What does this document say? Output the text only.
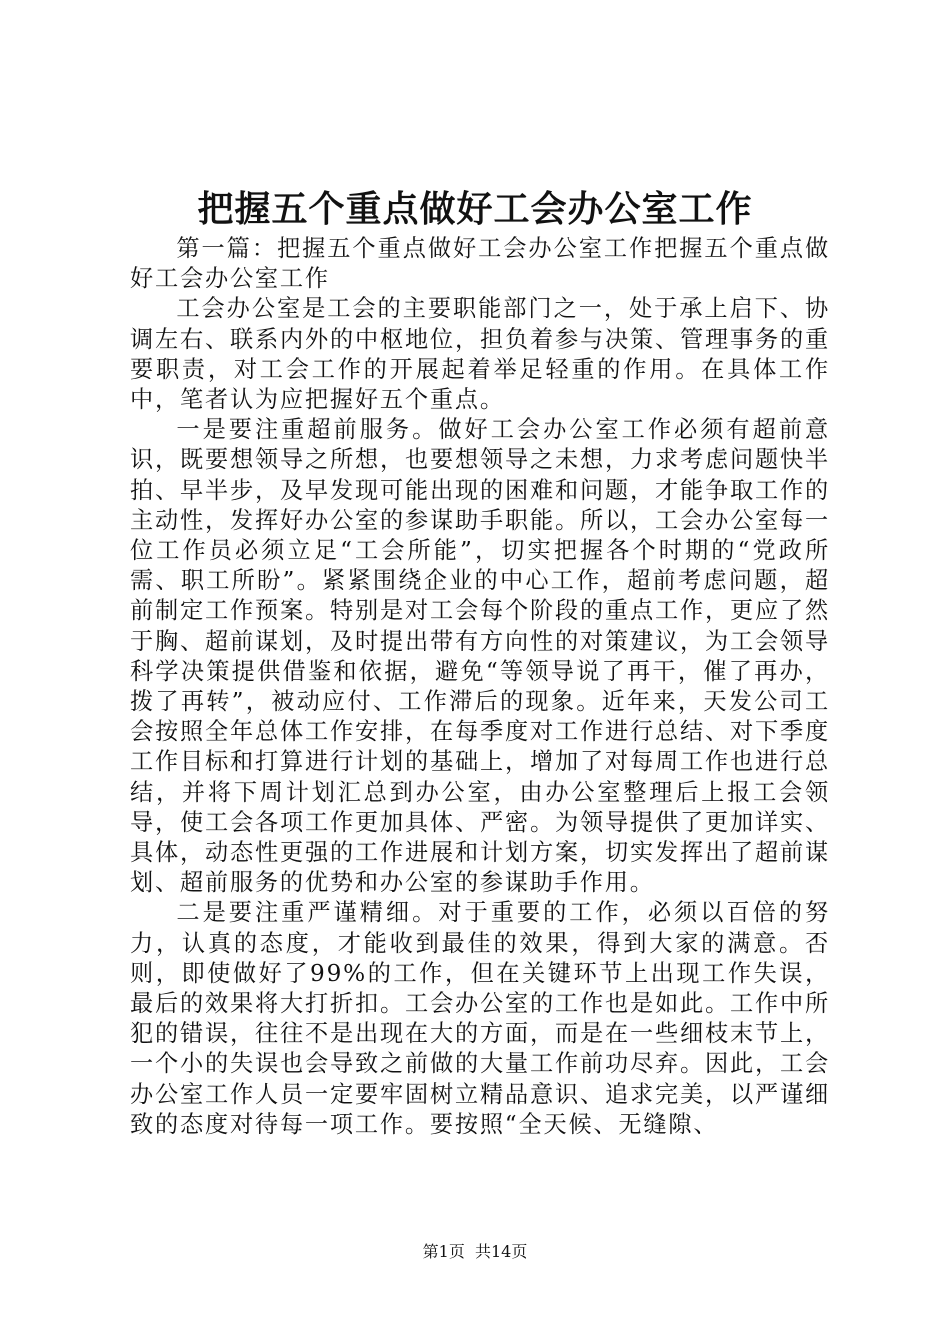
把握五个重点做好工会办公室工作

第一篇：把握五个重点做好工会办公室工作把握五个重点做好工会办公室工作

工会办公室是工会的主要职能部门之一，处于承上启下、协调左右、联系内外的中枢地位，担负着参与决策、管理事务的重要职责，对工会工作的开展起着举足轻重的作用。在具体工作中，笔者认为应把握好五个重点。

一是要注重超前服务。做好工会办公室工作必须有超前意识，既要想领导之所想，也要想领导之未想，力求考虑问题快半拍、早半步，及早发现可能出现的困难和问题，才能争取工作的主动性，发挥好办公室的参谋助手职能。所以，工会办公室每一位工作员必须立足“工会所能”，切实把握各个时期的“党政所需、职工所盼”。紧紧围绕企业的中心工作，超前考虑问题，超前制定工作预案。特别是对工会每个阶段的重点工作，更应了然于胸、超前谋划，及时提出带有方向性的对策建议，为工会领导科学决策提供借鉴和依据，避免“等领导说了再干，催了再办，拨了再转”，被动应付、工作滞后的现象。近年来，天发公司工会按照全年总体工作安排，在每季度对工作进行总结、对下季度工作目标和打算进行计划的基础上，增加了对每周工作也进行总结，并将下周计划汇总到办公室，由办公室整理后上报工会领导，使工会各项工作更加具体、严密。为领导提供了更加详实、具体，动态性更强的工作进展和计划方案，切实发挥出了超前谋划、超前服务的优势和办公室的参谋助手作用。

二是要注重严谨精细。对于重要的工作，必须以百倍的努力，认真的态度，才能收到最佳的效果，得到大家的满意。否则，即使做好了99%的工作，但在关键环节上出现工作失误，最后的效果将大打折扣。工会办公室的工作也是如此。工作中所犯的错误，往往不是出现在大的方面，而是在一些细枝末节上，一个小的失误也会导致之前做的大量工作前功尽弃。因此，工会办公室工作人员一定要牢固树立精品意识、追求完美，以严谨细致的态度对待每一项工作。要按照“全天候、无缝隙、

第1页  共14页
